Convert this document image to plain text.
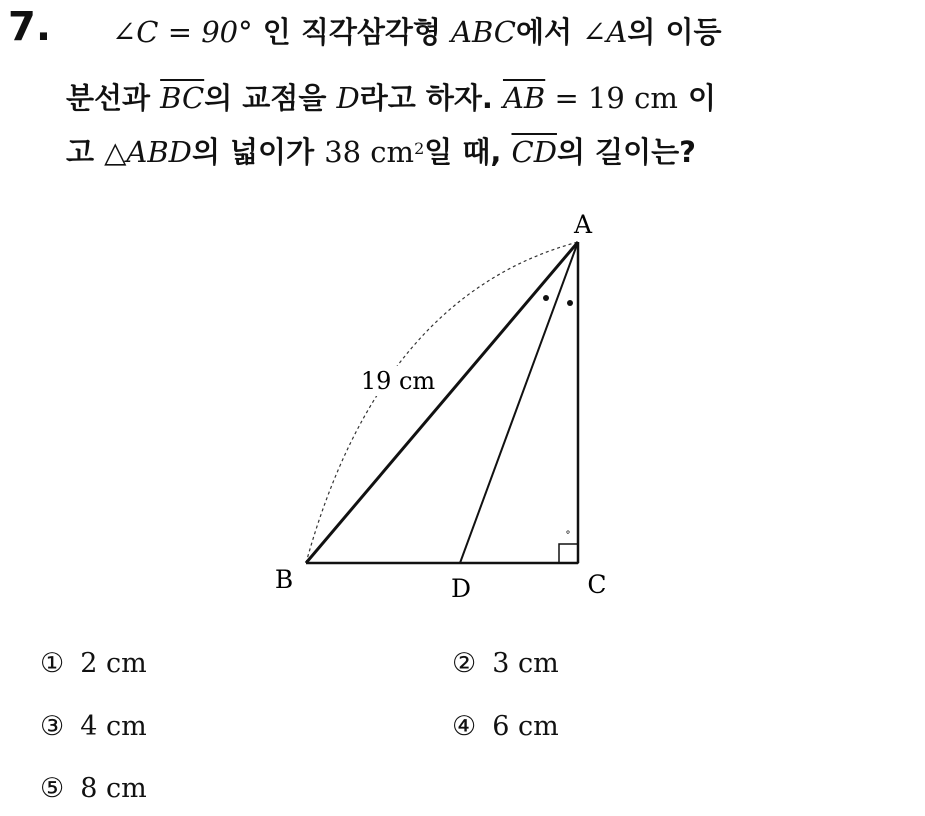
7. ∠C = 90° 인 직각삼각형 ABC에서 ∠A의 이등
분선과 $\overline{BC}$의 교점을 D라고 하자. $\overline{AB} = 19$ cm 이
고 △ABD의 넓이가 38 $cm^2$일 때, $\overline{CD}$의 길이는?
°
19 cm
A
B	C
D
① 2 cm	② 3 cm
③ 4 cm	④ 6 cm
⑤ 8 cm
